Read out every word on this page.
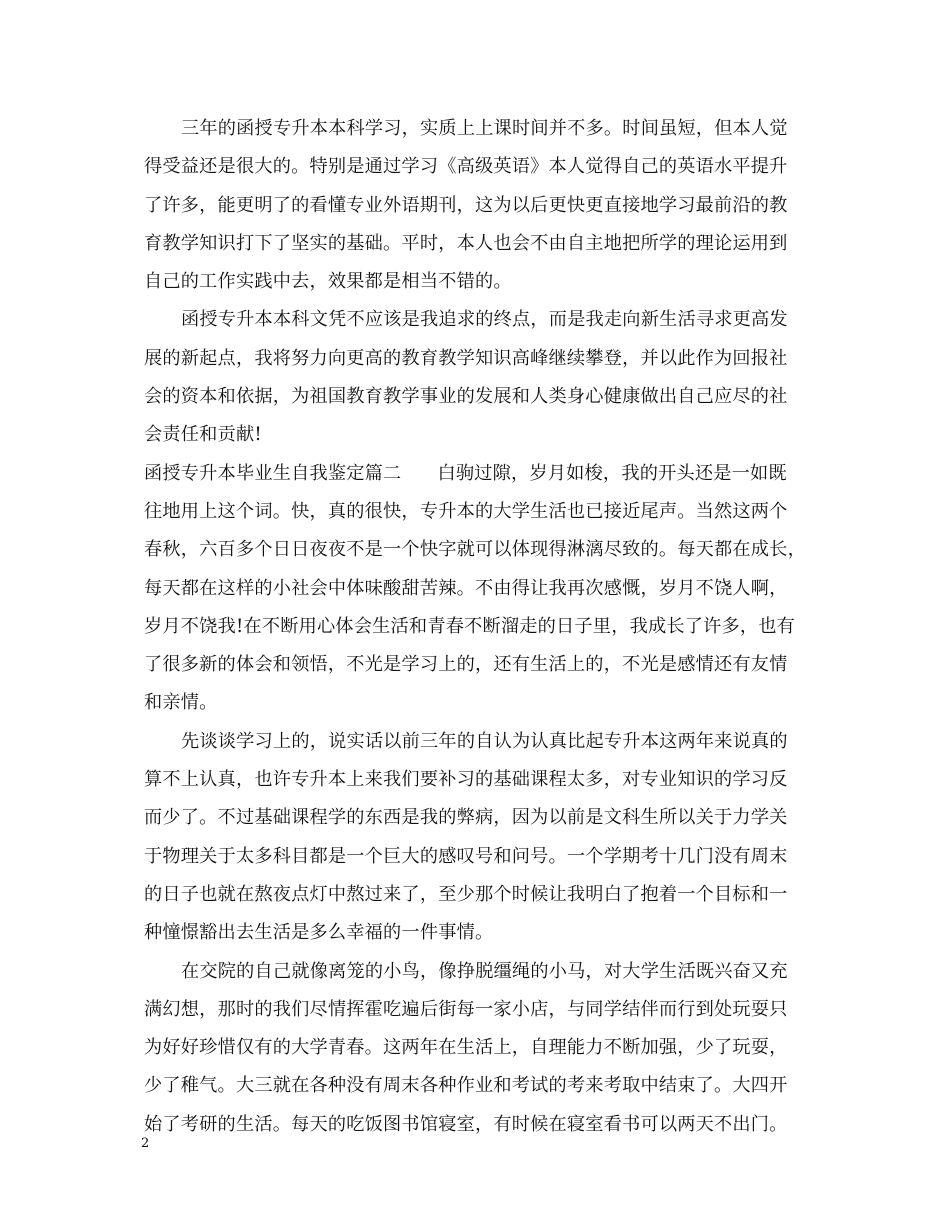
三年的函授专升本本科学习，实质上上课时间并不多。时间虽短，但本人觉
得受益还是很大的。特别是通过学习《高级英语》本人觉得自己的英语水平提升
了许多，能更明了的看懂专业外语期刊，这为以后更快更直接地学习最前沿的教
育教学知识打下了坚实的基础。平时，本人也会不由自主地把所学的理论运用到
自己的工作实践中去，效果都是相当不错的。
函授专升本本科文凭不应该是我追求的终点，而是我走向新生活寻求更高发
展的新起点，我将努力向更高的教育教学知识高峰继续攀登，并以此作为回报社
会的资本和依据，为祖国教育教学事业的发展和人类身心健康做出自己应尽的社
会责任和贡献!
函授专升本毕业生自我鉴定篇二 白驹过隙，岁月如梭，我的开头还是一如既
往地用上这个词。快，真的很快，专升本的大学生活也已接近尾声。当然这两个
春秋，六百多个日日夜夜不是一个快字就可以体现得淋漓尽致的。每天都在成长，
每天都在这样的小社会中体味酸甜苦辣。不由得让我再次感慨，岁月不饶人啊，
岁月不饶我!在不断用心体会生活和青春不断溜走的日子里，我成长了许多，也有
了很多新的体会和领悟，不光是学习上的，还有生活上的，不光是感情还有友情
和亲情。
先谈谈学习上的，说实话以前三年的自认为认真比起专升本这两年来说真的
算不上认真，也许专升本上来我们要补习的基础课程太多，对专业知识的学习反
而少了。不过基础课程学的东西是我的弊病，因为以前是文科生所以关于力学关
于物理关于太多科目都是一个巨大的感叹号和问号。一个学期考十几门没有周末
的日子也就在熬夜点灯中熬过来了，至少那个时候让我明白了抱着一个目标和一
种憧憬豁出去生活是多么幸福的一件事情。
在交院的自己就像离笼的小鸟，像挣脱缰绳的小马，对大学生活既兴奋又充
满幻想，那时的我们尽情挥霍吃遍后街每一家小店，与同学结伴而行到处玩耍只
为好好珍惜仅有的大学青春。这两年在生活上，自理能力不断加强，少了玩耍，
少了稚气。大三就在各种没有周末各种作业和考试的考来考取中结束了。大四开
始了考研的生活。每天的吃饭图书馆寝室，有时候在寝室看书可以两天不出门。
2
